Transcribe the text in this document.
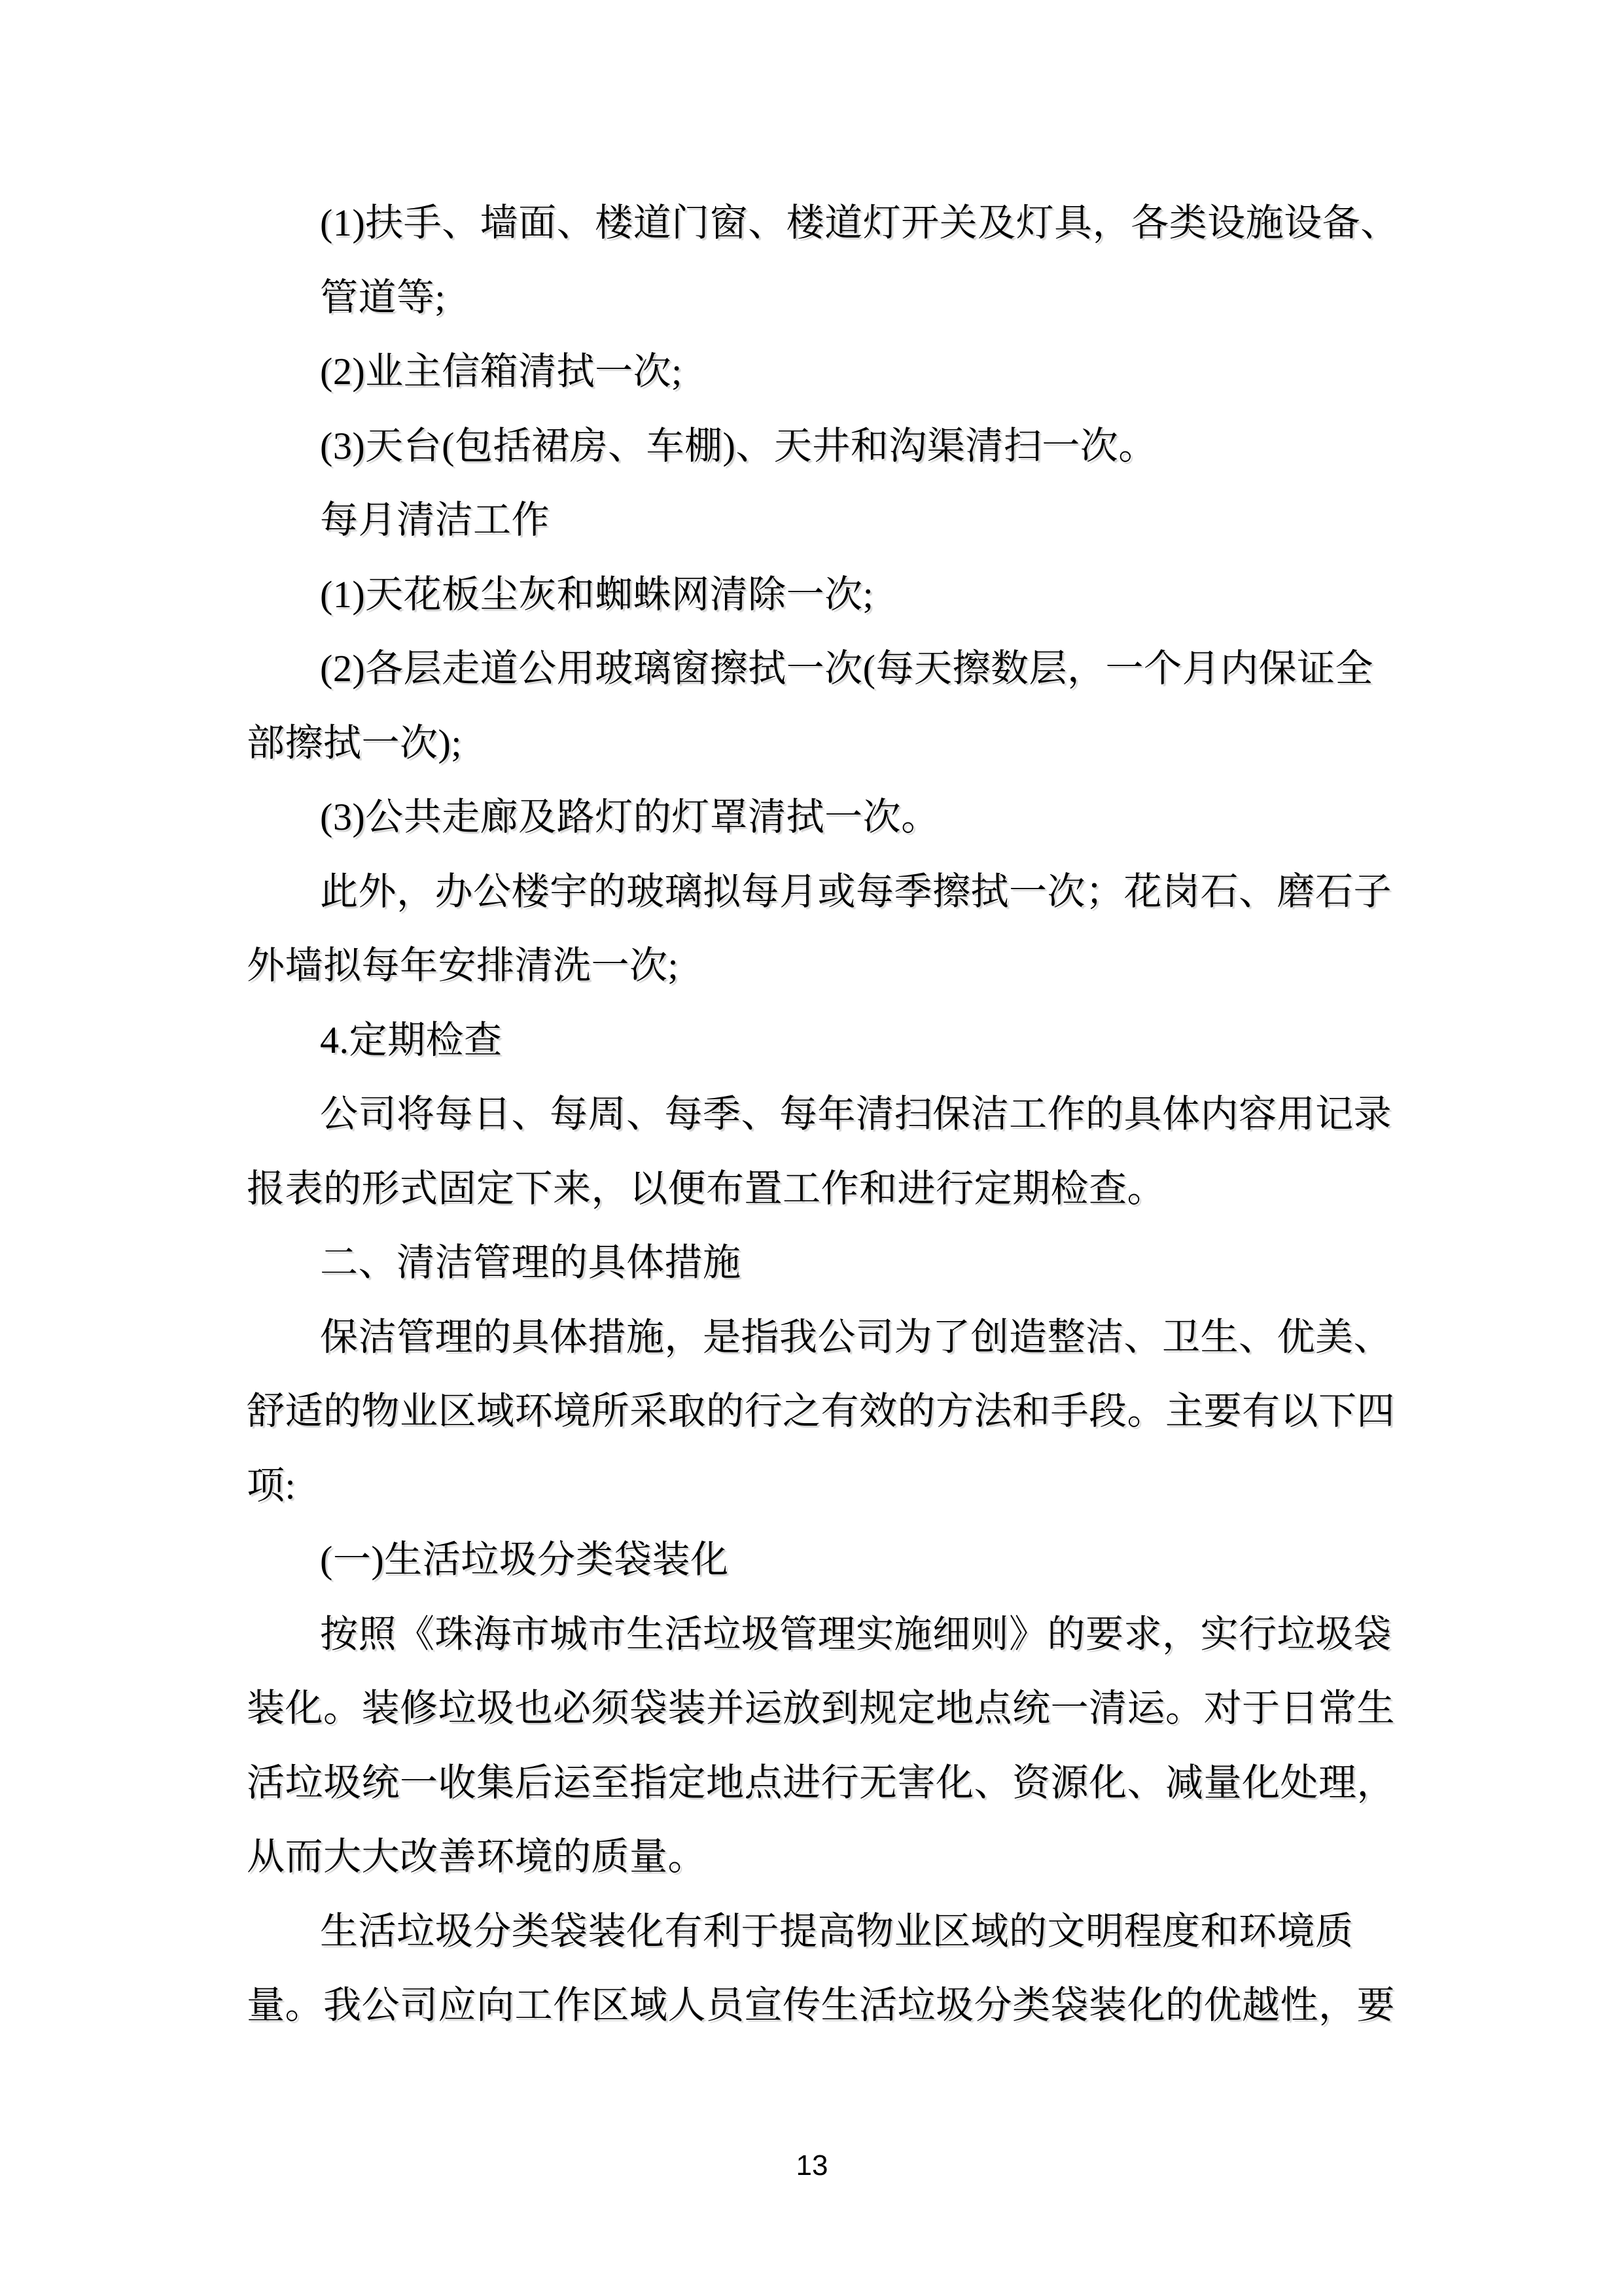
(1)扶手、墙面、楼道门窗、楼道灯开关及灯具，各类设施设备、
管道等;
(2)业主信箱清拭一次;
(3)天台(包括裙房、车棚)、天井和沟渠清扫一次。
每月清洁工作
(1)天花板尘灰和蜘蛛网清除一次;
(2)各层走道公用玻璃窗擦拭一次(每天擦数层，一个月内保证全
部擦拭一次);
(3)公共走廊及路灯的灯罩清拭一次。
此外，办公楼宇的玻璃拟每月或每季擦拭一次；花岗石、磨石子
外墙拟每年安排清洗一次;
4.定期检查
公司将每日、每周、每季、每年清扫保洁工作的具体内容用记录
报表的形式固定下来，以便布置工作和进行定期检查。
二、清洁管理的具体措施
保洁管理的具体措施，是指我公司为了创造整洁、卫生、优美、
舒适的物业区域环境所采取的行之有效的方法和手段。主要有以下四
项:
(一)生活垃圾分类袋装化
按照《珠海市城市生活垃圾管理实施细则》的要求，实行垃圾袋
装化。装修垃圾也必须袋装并运放到规定地点统一清运。对于日常生
活垃圾统一收集后运至指定地点进行无害化、资源化、减量化处理，
从而大大改善环境的质量。
生活垃圾分类袋装化有利于提高物业区域的文明程度和环境质
量。我公司应向工作区域人员宣传生活垃圾分类袋装化的优越性，要
13
